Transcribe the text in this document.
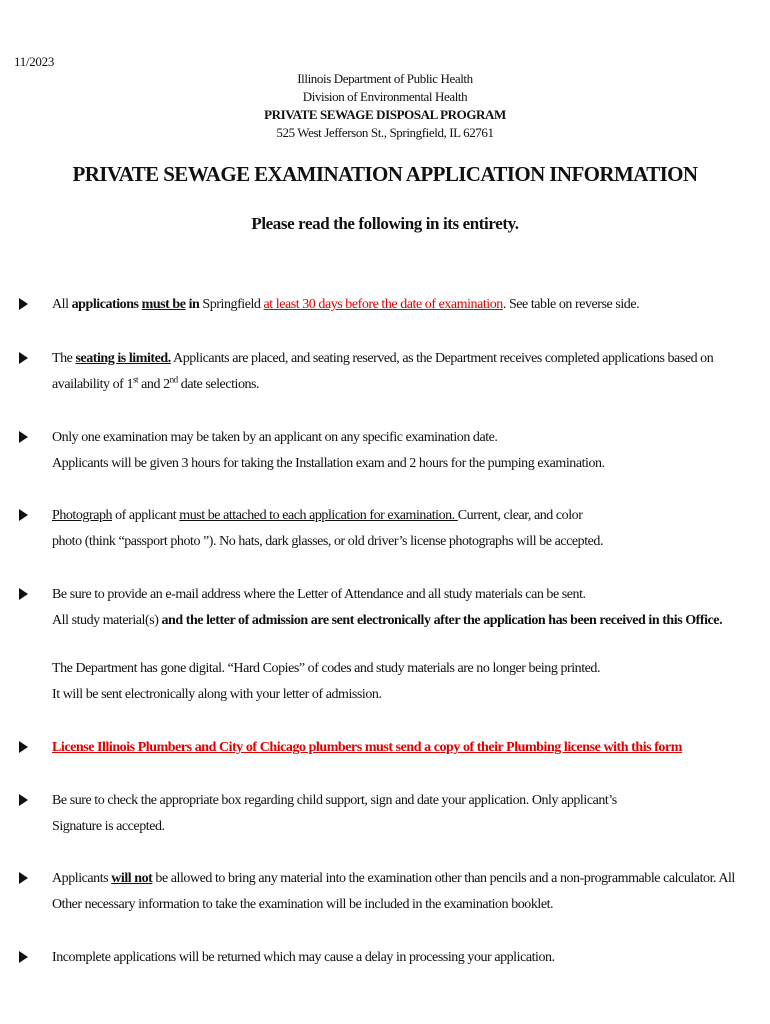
11/2023
Illinois Department of Public Health
Division of Environmental Health
PRIVATE SEWAGE DISPOSAL PROGRAM
525 West Jefferson St., Springfield, IL 62761
PRIVATE SEWAGE EXAMINATION APPLICATION INFORMATION
Please read the following in its entirety.
All applications must be in Springfield at least 30 days before the date of examination. See table on reverse side.
The seating is limited. Applicants are placed, and seating reserved, as the Department receives completed applications based on
availability of 1st and 2nd date selections.
Only one examination may be taken by an applicant on any specific examination date.
Applicants will be given 3 hours for taking the Installation exam and 2 hours for the pumping examination.
Photograph of applicant must be attached to each application for examination. Current, clear, and color
photo (think “passport photo ”). No hats, dark glasses, or old driver’s license photographs will be accepted.
Be sure to provide an e-mail address where the Letter of Attendance and all study materials can be sent.
All study material(s) and the letter of admission are sent electronically after the application has been received in this Office.
The Department has gone digital. “Hard Copies” of codes and study materials are no longer being printed.
It will be sent electronically along with your letter of admission.
License Illinois Plumbers and City of Chicago plumbers must send a copy of their Plumbing license with this form
Be sure to check the appropriate box regarding child support, sign and date your application. Only applicant’s
Signature is accepted.
Applicants will not be allowed to bring any material into the examination other than pencils and a non-programmable calculator. All
Other necessary information to take the examination will be included in the examination booklet.
Incomplete applications will be returned which may cause a delay in processing your application.
